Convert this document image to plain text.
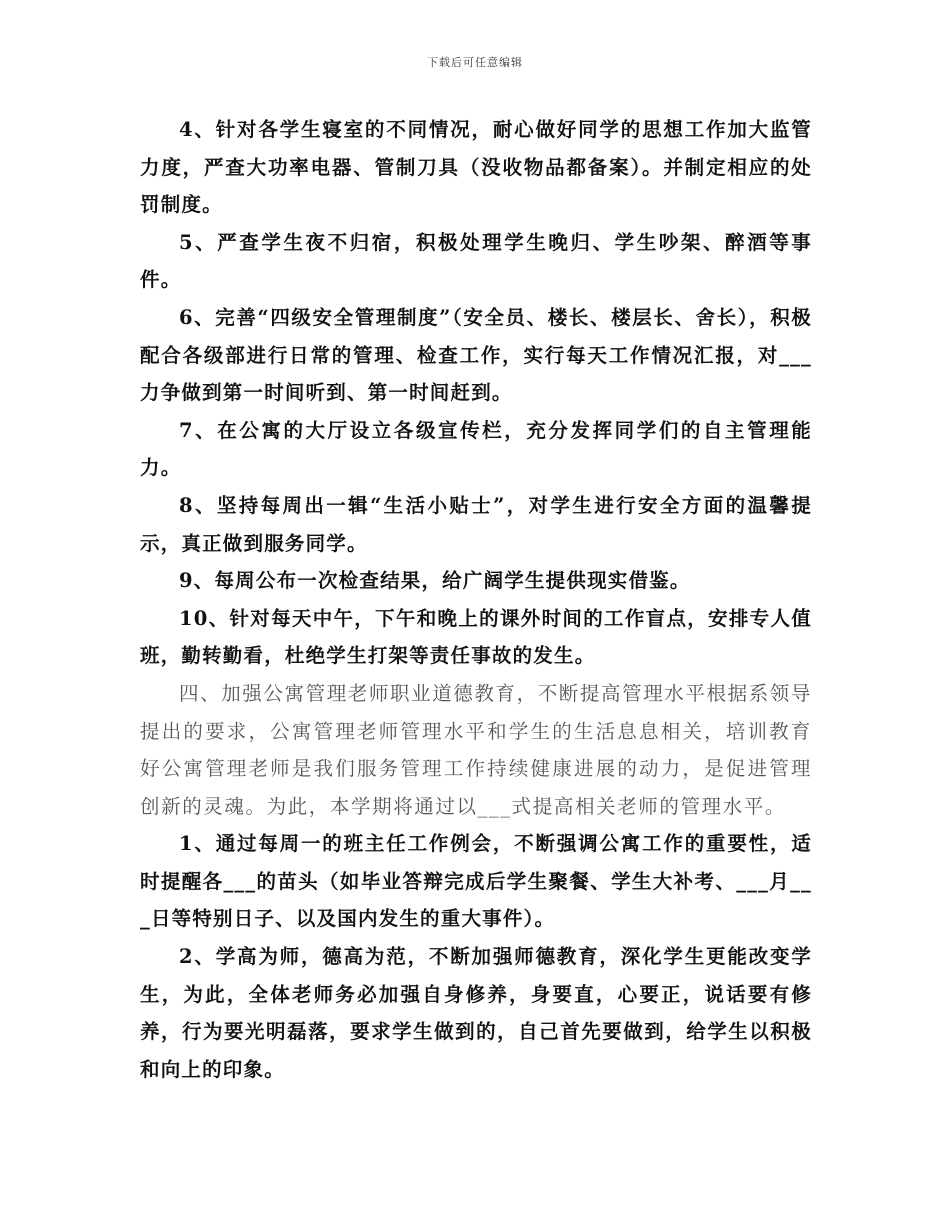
下载后可任意编辑

4、针对各学生寝室的不同情况，耐心做好同学的思想工作加大监管力度，严查大功率电器、管制刀具（没收物品都备案）。并制定相应的处罚制度。

5、严查学生夜不归宿，积极处理学生晚归、学生吵架、醉酒等事件。

6、完善“四级安全管理制度”（安全员、楼长、楼层长、舍长），积极配合各级部进行日常的管理、检查工作，实行每天工作情况汇报，对___力争做到第一时间听到、第一时间赶到。

7、在公寓的大厅设立各级宣传栏，充分发挥同学们的自主管理能力。

8、坚持每周出一辑“生活小贴士”，对学生进行安全方面的温馨提示，真正做到服务同学。

9、每周公布一次检查结果，给广阔学生提供现实借鉴。

10、针对每天中午，下午和晚上的课外时间的工作盲点，安排专人值班，勤转勤看，杜绝学生打架等责任事故的发生。

四、加强公寓管理老师职业道德教育，不断提高管理水平根据系领导提出的要求，公寓管理老师管理水平和学生的生活息息相关，培训教育好公寓管理老师是我们服务管理工作持续健康进展的动力，是促进管理创新的灵魂。为此，本学期将通过以___式提高相关老师的管理水平。

1、通过每周一的班主任工作例会，不断强调公寓工作的重要性，适时提醒各___的苗头（如毕业答辩完成后学生聚餐、学生大补考、___月___日等特别日子、以及国内发生的重大事件）。

2、学高为师，德高为范，不断加强师德教育，深化学生更能改变学生，为此，全体老师务必加强自身修养，身要直，心要正，说话要有修养，行为要光明磊落，要求学生做到的，自己首先要做到，给学生以积极和向上的印象。
